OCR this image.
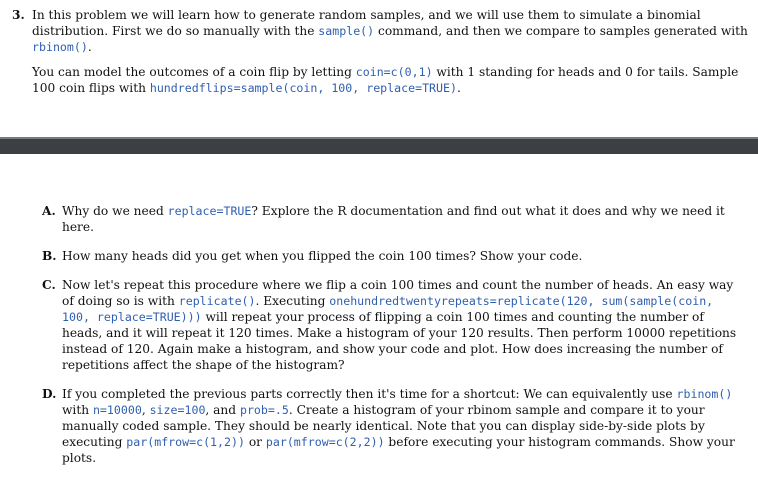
3. In this problem we will learn how to generate random samples, and we will use them to simulate a binomial distribution. First we do so manually with the sample() command, and then we compare to samples generated with rbinom().

You can model the outcomes of a coin flip by letting coin=c(0,1) with 1 standing for heads and 0 for tails. Sample 100 coin flips with hundredflips=sample(coin, 100, replace=TRUE).

A. Why do we need replace=TRUE? Explore the R documentation and find out what it does and why we need it here.
B. How many heads did you get when you flipped the coin 100 times? Show your code.
C. Now let's repeat this procedure where we flip a coin 100 times and count the number of heads. An easy way of doing so is with replicate(). Executing onehundredtwentyrepeats=replicate(120, sum(sample(coin, 100, replace=TRUE))) will repeat your process of flipping a coin 100 times and counting the number of heads, and it will repeat it 120 times. Make a histogram of your 120 results. Then perform 10000 repetitions instead of 120. Again make a histogram, and show your code and plot. How does increasing the number of repetitions affect the shape of the histogram?
D. If you completed the previous parts correctly then it's time for a shortcut: We can equivalently use rbinom() with n=10000, size=100, and prob=.5. Create a histogram of your rbinom sample and compare it to your manually coded sample. They should be nearly identical. Note that you can display side-by-side plots by executing par(mfrow=c(1,2)) or par(mfrow=c(2,2)) before executing your histogram commands. Show your plots.
